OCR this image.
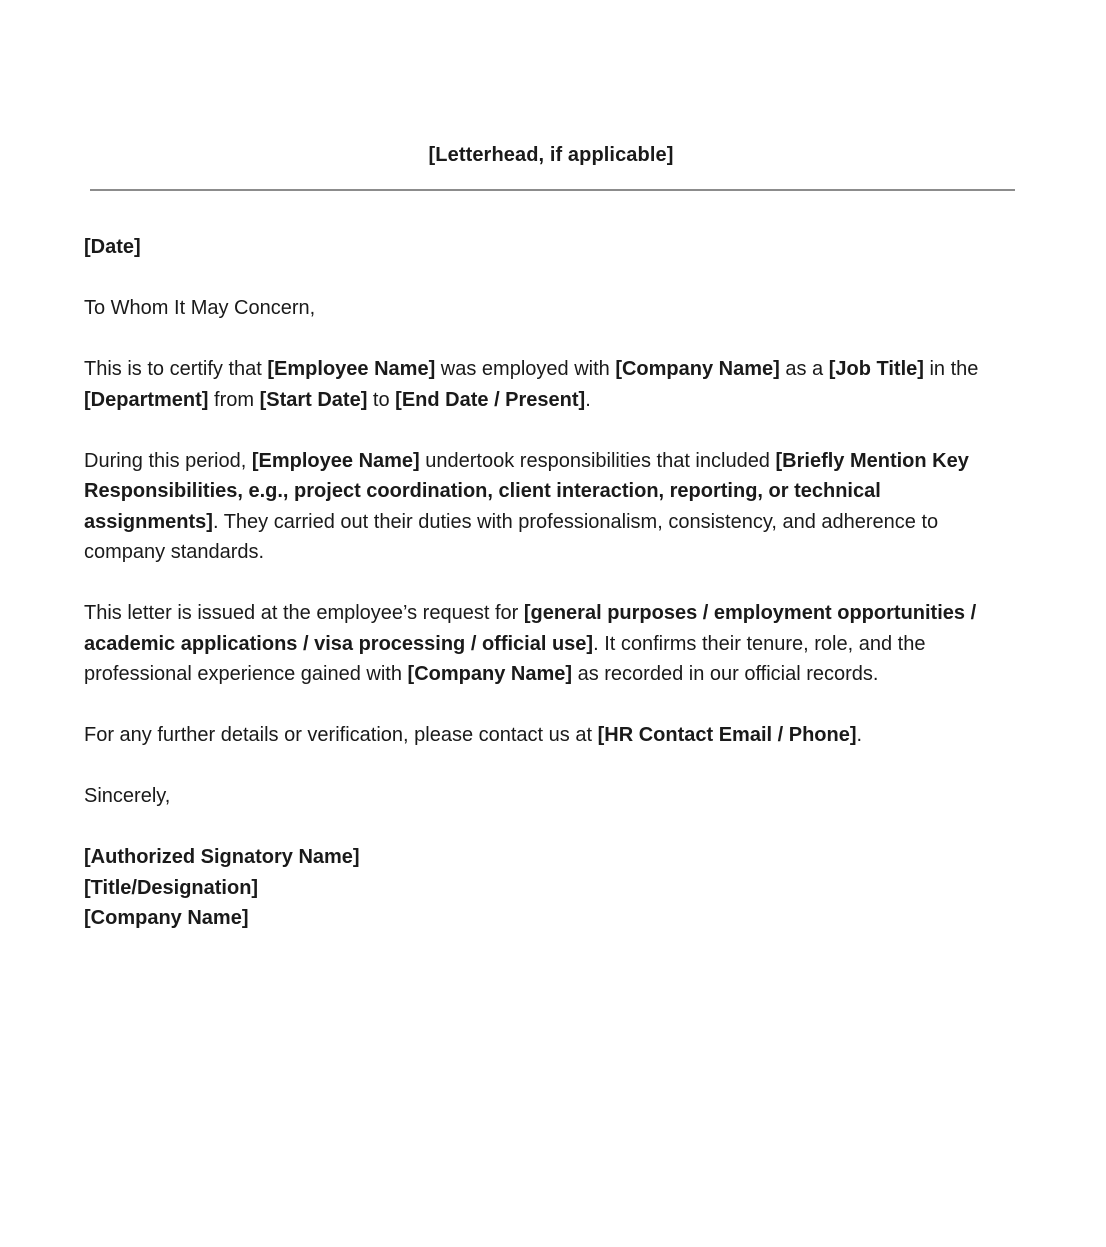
[Letterhead, if applicable]

[Date]

To Whom It May Concern,

This is to certify that [Employee Name] was employed with [Company Name] as a [Job Title] in the [Department] from [Start Date] to [End Date / Present].

During this period, [Employee Name] undertook responsibilities that included [Briefly Mention Key Responsibilities, e.g., project coordination, client interaction, reporting, or technical assignments]. They carried out their duties with professionalism, consistency, and adherence to company standards.

This letter is issued at the employee’s request for [general purposes / employment opportunities / academic applications / visa processing / official use]. It confirms their tenure, role, and the professional experience gained with [Company Name] as recorded in our official records.

For any further details or verification, please contact us at [HR Contact Email / Phone].

Sincerely,

[Authorized Signatory Name]
[Title/Designation]
[Company Name]
